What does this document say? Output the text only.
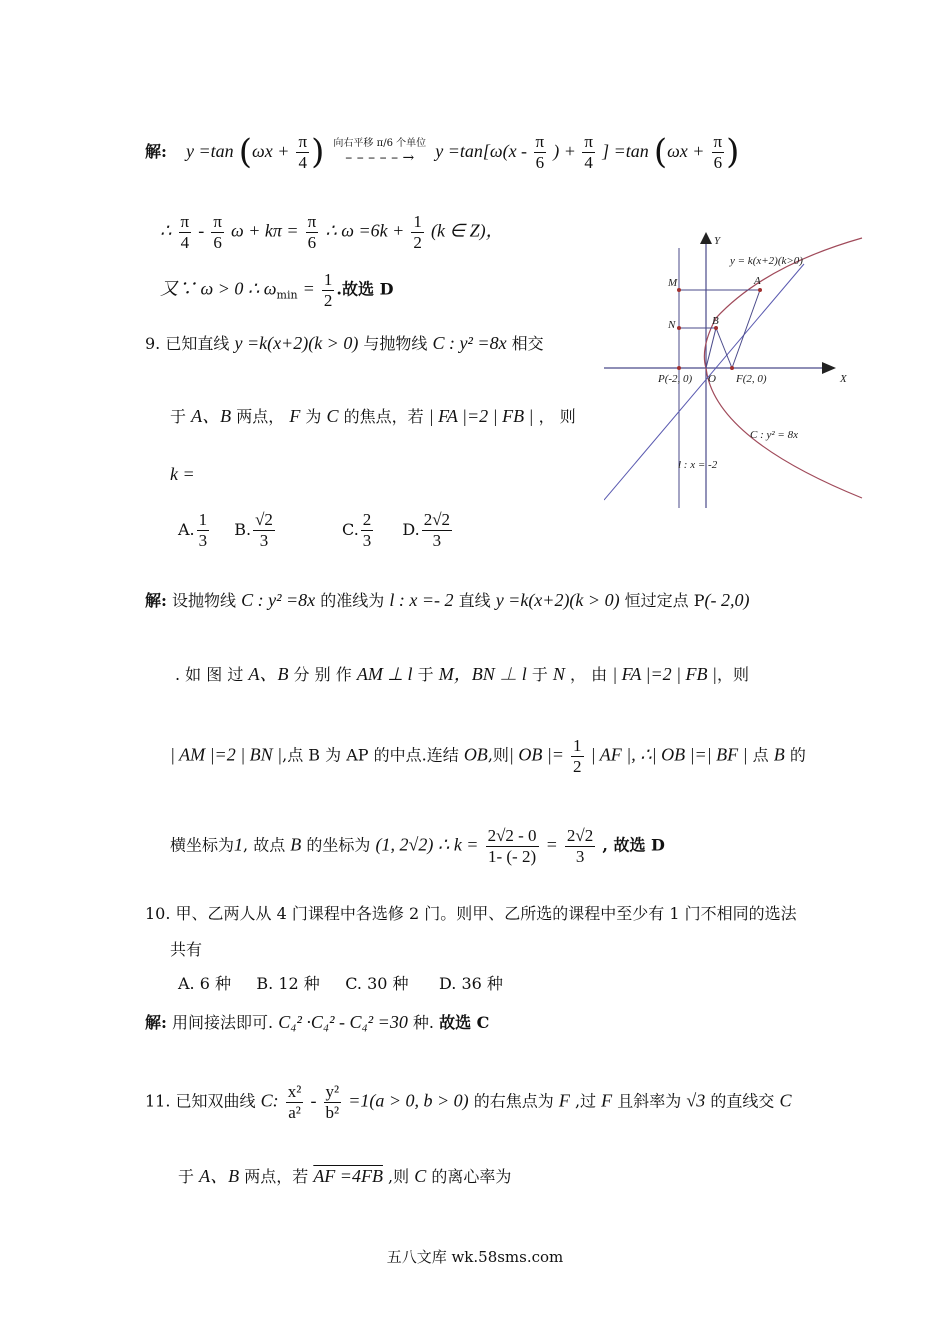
解: y =tan ($\omega x + \frac{\pi}{4}$ ) 向右平移 π/6 个单位
– – – – – →	$y =\tan[\omega(x - \frac{\pi}{6}$ ) + $\frac{\pi}{4}$ ] =tan ($\omega x + \frac{\pi}{6}$ )
∴ $\frac{\pi}{4} - \frac{\pi}{6}$ $\omega + k\pi = \frac{\pi}{6}$ ∴ $\omega =6k + \frac{1}{2} (k$ ∈ Z)，
又∵ ω > 0 ∴ $\omega_{min} = \frac{1}{2}$ .故选 D
9. 已知直线 y =k(x+2)(k > 0) 与抛物线 C : y² =8x 相交
于 A、B 两点， F 为 C 的焦点，若 | FA |=2 | FB | ， 则
k =
A. $\frac{1}{3} B$. $\frac{√2}{3}$	C. $\frac{2}{3} D$. $\frac{2√2}{3}$
Y
X
y = k(x+2)(k>0)
A
B
M
N
O
P(-2, 0)	F(2, 0)
C : y² = 8x
l : x = -2
解: 设抛物线 C : y² =8x 的准线为 l : x =- 2 直线 y =k(x+2)(k > 0) 恒过定点 P(- 2,0)
. 如 图 过 A、B 分 别 作 AM ⊥ l 于 M，BN ⊥ l 于 N ， 由 | FA |=2 | FB |，则
| AM |=2 | BN |,点 B 为 AP 的中点.连结 OB,则| OB |= $\frac{1}{2}$ | AF |, ∴| OB |=| BF | 点 B 的
横坐标为1, 故点 B 的坐标为 (1, 2√2) ∴ $k = \frac{2√2 - 0}{1- (- 2)} = \frac{2√2}{3}$ , 故选 D
10. 甲、乙两人从 4 门课程中各选修 2 门。则甲、乙所选的课程中至少有 1 门不相同的选法
共有
A. 6 种     B. 12 种     C. 30 种      D. 36 种
解: 用间接法即可. C₄² ·C₄² - C₄² =30 种. 故选 C
11. 已知双曲线 C: $\frac{\text{x²}}{\text{a²}} - \frac{\text{y²}}{\text{b²}} =1(a > 0$, b > 0) 的右焦点为 F ,过 F 且斜率为 √3 的直线交 C
于 A、B 两点，若 AF =4FB ,则 C 的离心率为
五八文库 wk.58sms.com
